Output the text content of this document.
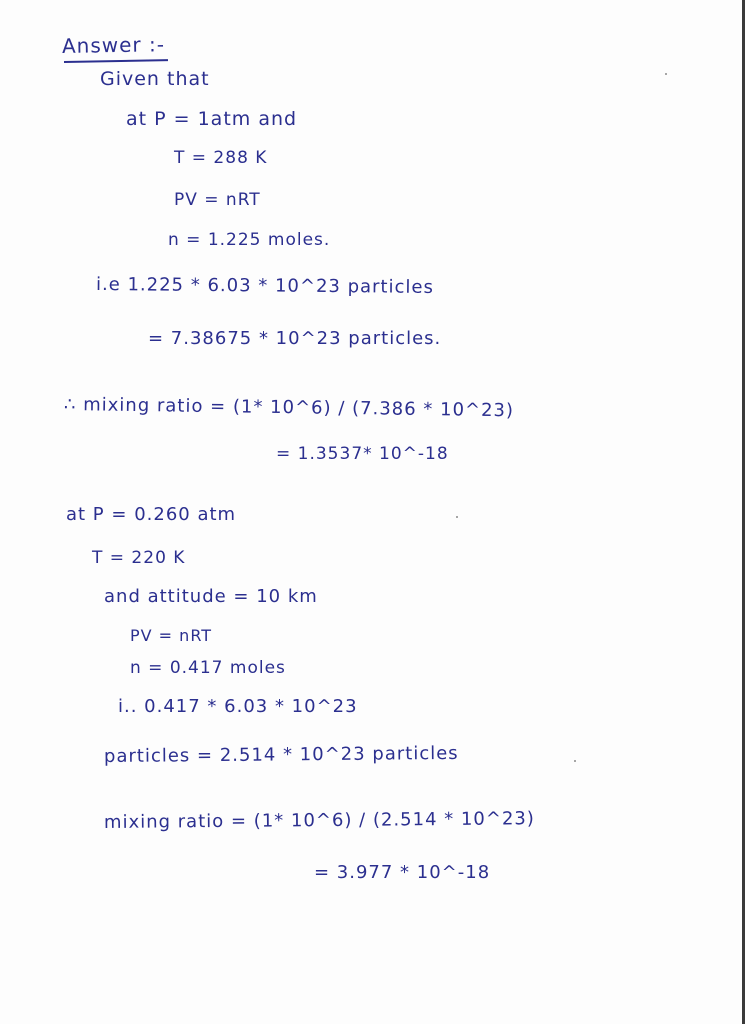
Answer :-
Given that
at P = 1atm and
T = 288 K
PV = nRT
n = 1.225 moles.
i.e 1.225 * 6.03 * 10^23 particles
= 7.38675 * 10^23 particles.
∴ mixing ratio = (1* 10^6) / (7.386 * 10^23)
= 1.3537* 10^-18
at P = 0.260 atm
T = 220 K
and attitude = 10 km
PV = nRT
n = 0.417 moles
i.. 0.417 * 6.03 * 10^23
particles = 2.514 * 10^23 particles
mixing ratio = (1* 10^6) / (2.514 * 10^23)
= 3.977 * 10^-18
